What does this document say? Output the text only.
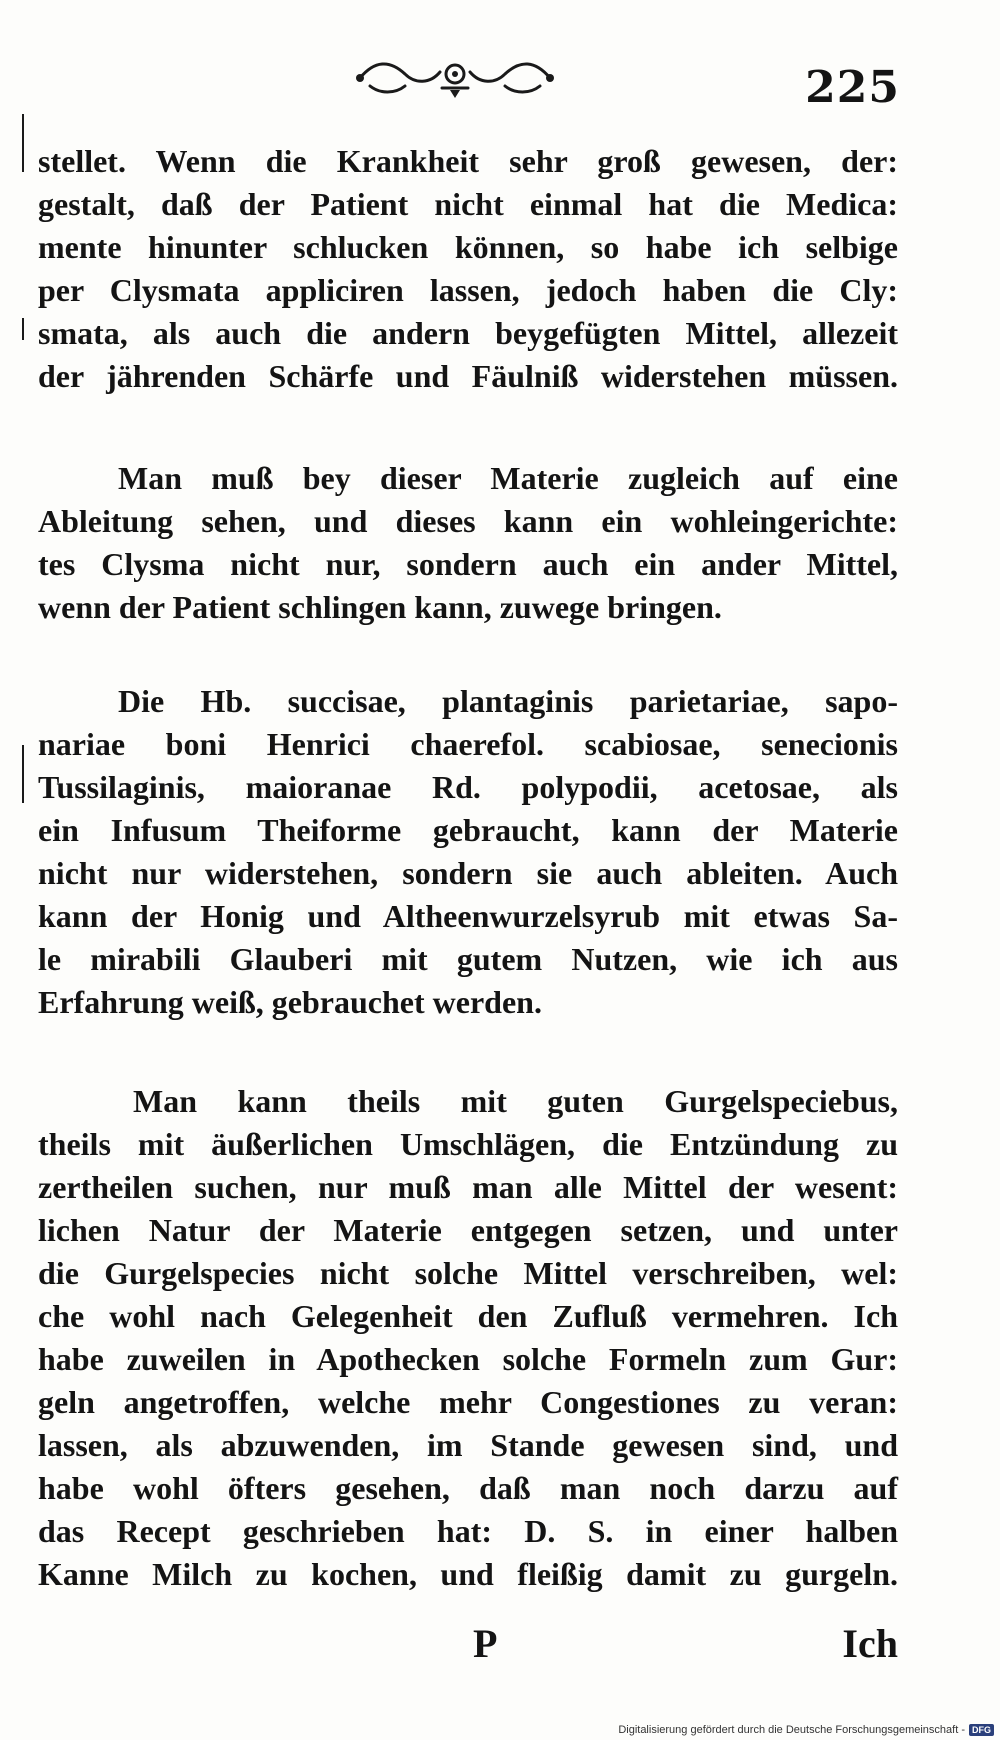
225
stellet. Wenn die Krankheit sehr groß gewesen, der:
gestalt, daß der Patient nicht einmal hat die Medica:
mente hinunter schlucken können, so habe ich selbige
per Clysmata appliciren lassen, jedoch haben die Cly:
smata, als auch die andern beygefügten Mittel, allezeit
der jährenden Schärfe und Fäulniß widerstehen müssen.
Man muß bey dieser Materie zugleich auf eine
Ableitung sehen, und dieses kann ein wohleingerichte:
tes Clysma nicht nur, sondern auch ein ander Mittel,
wenn der Patient schlingen kann, zuwege bringen.
Die Hb. succisae, plantaginis parietariae, sapo-
nariae boni Henrici chaerefol. scabiosae, senecionis
Tussilaginis, maioranae Rd. polypodii, acetosae, als
ein Infusum Theiforme gebraucht, kann der Materie
nicht nur widerstehen, sondern sie auch ableiten. Auch
kann der Honig und Altheenwurzelsyrub mit etwas Sa-
le mirabili Glauberi mit gutem Nutzen, wie ich aus
Erfahrung weiß, gebrauchet werden.
Man kann theils mit guten Gurgelspeciebus,
theils mit äußerlichen Umschlägen, die Entzündung zu
zertheilen suchen, nur muß man alle Mittel der wesent:
lichen Natur der Materie entgegen setzen, und unter
die Gurgelspecies nicht solche Mittel verschreiben, wel:
che wohl nach Gelegenheit den Zufluß vermehren. Ich
habe zuweilen in Apothecken solche Formeln zum Gur:
geln angetroffen, welche mehr Congestiones zu veran:
lassen, als abzuwenden, im Stande gewesen sind, und
habe wohl öfters gesehen, daß man noch darzu auf
das Recept geschrieben hat: D. S. in einer halben
Kanne Milch zu kochen, und fleißig damit zu gurgeln.
P	Ich
Digitalisierung gefördert durch die Deutsche Forschungsgemeinschaft - DFG
